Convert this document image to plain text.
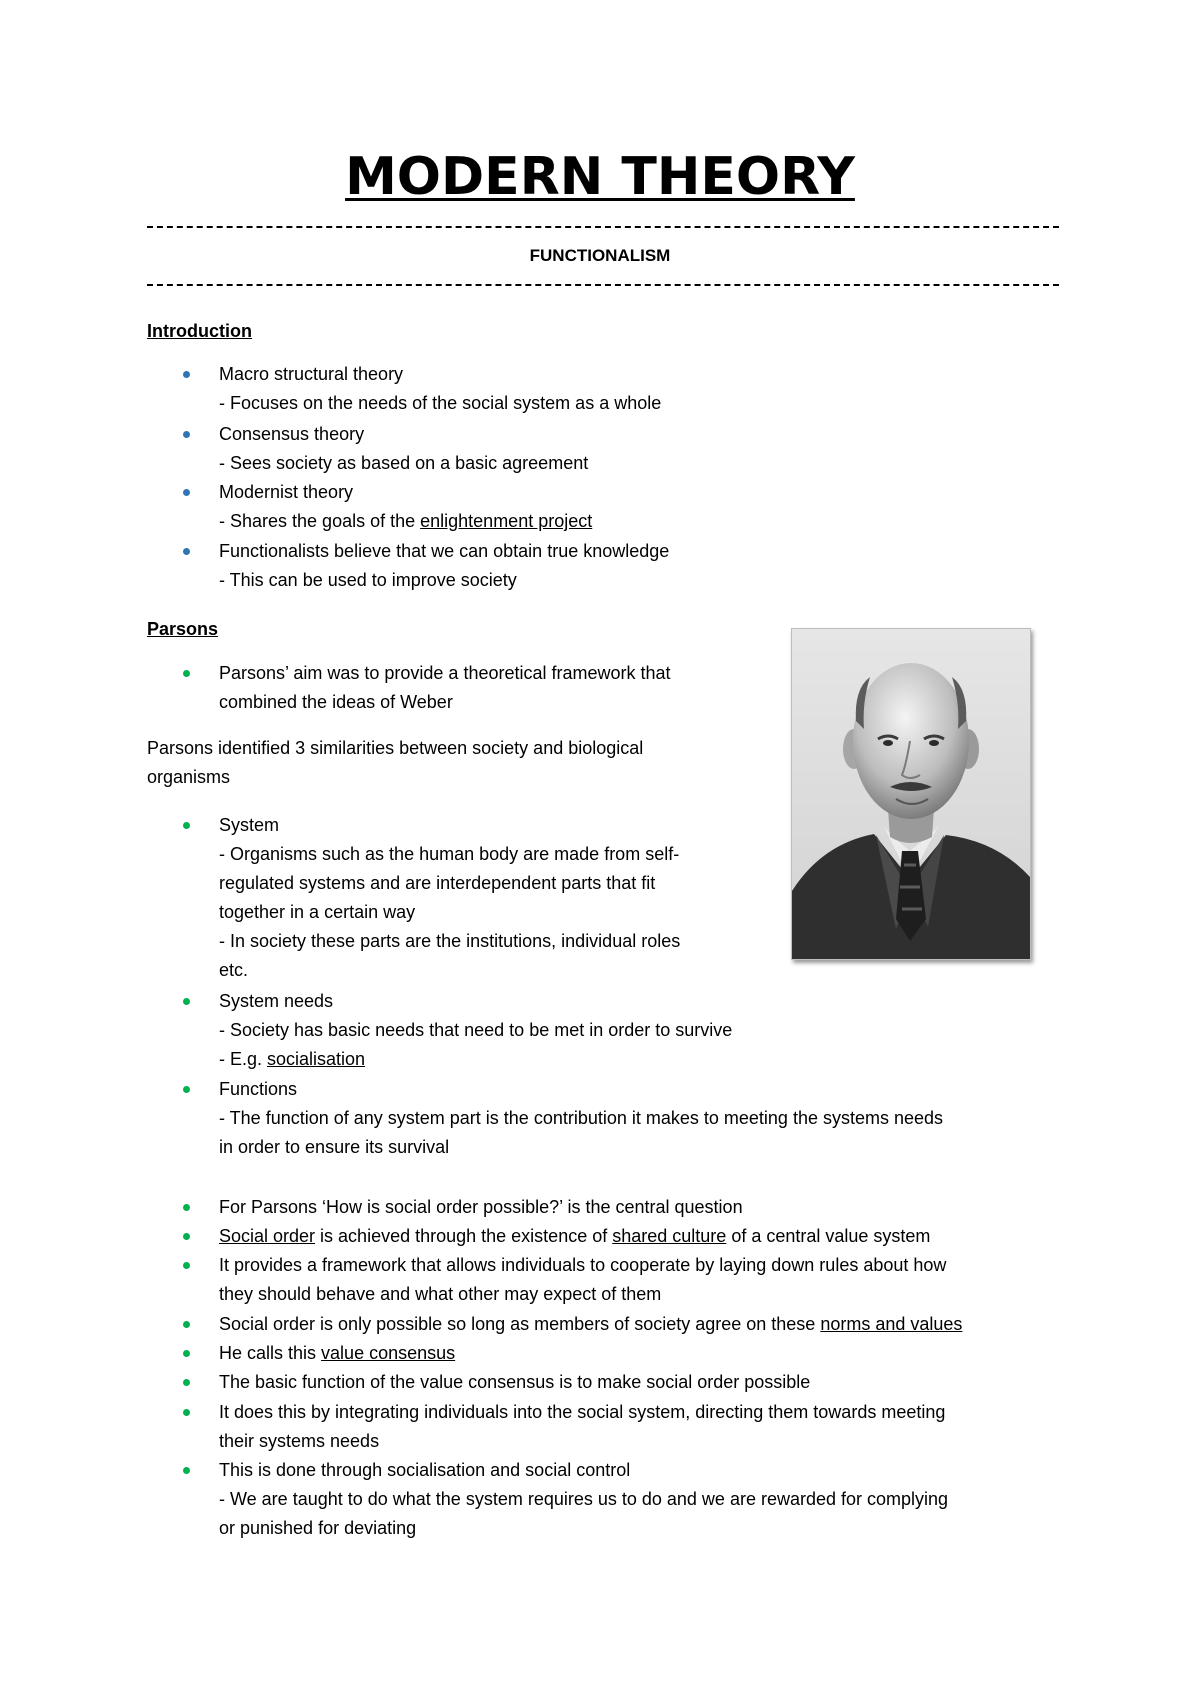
MODERN THEORY
FUNCTIONALISM
Introduction
Macro structural theory
- Focuses on the needs of the social system as a whole
Consensus theory
- Sees society as based on a basic agreement
Modernist theory
- Shares the goals of the enlightenment project
Functionalists believe that we can obtain true knowledge
- This can be used to improve society
Parsons
Parsons’ aim was to provide a theoretical framework that
combined the ideas of Weber
Parsons identified 3 similarities between society and biological
organisms
System
- Organisms such as the human body are made from self-
regulated systems and are interdependent parts that fit
together in a certain way
- In society these parts are the institutions, individual roles
etc.
System needs
- Society has basic needs that need to be met in order to survive
- E.g. socialisation
Functions
- The function of any system part is the contribution it makes to meeting the systems needs
in order to ensure its survival
For Parsons ‘How is social order possible?’ is the central question
Social order is achieved through the existence of shared culture of a central value system
It provides a framework that allows individuals to cooperate by laying down rules about how
they should behave and what other may expect of them
Social order is only possible so long as members of society agree on these norms and values
He calls this value consensus
The basic function of the value consensus is to make social order possible
It does this by integrating individuals into the social system, directing them towards meeting
their systems needs
This is done through socialisation and social control
- We are taught to do what the system requires us to do and we are rewarded for complying
or punished for deviating
